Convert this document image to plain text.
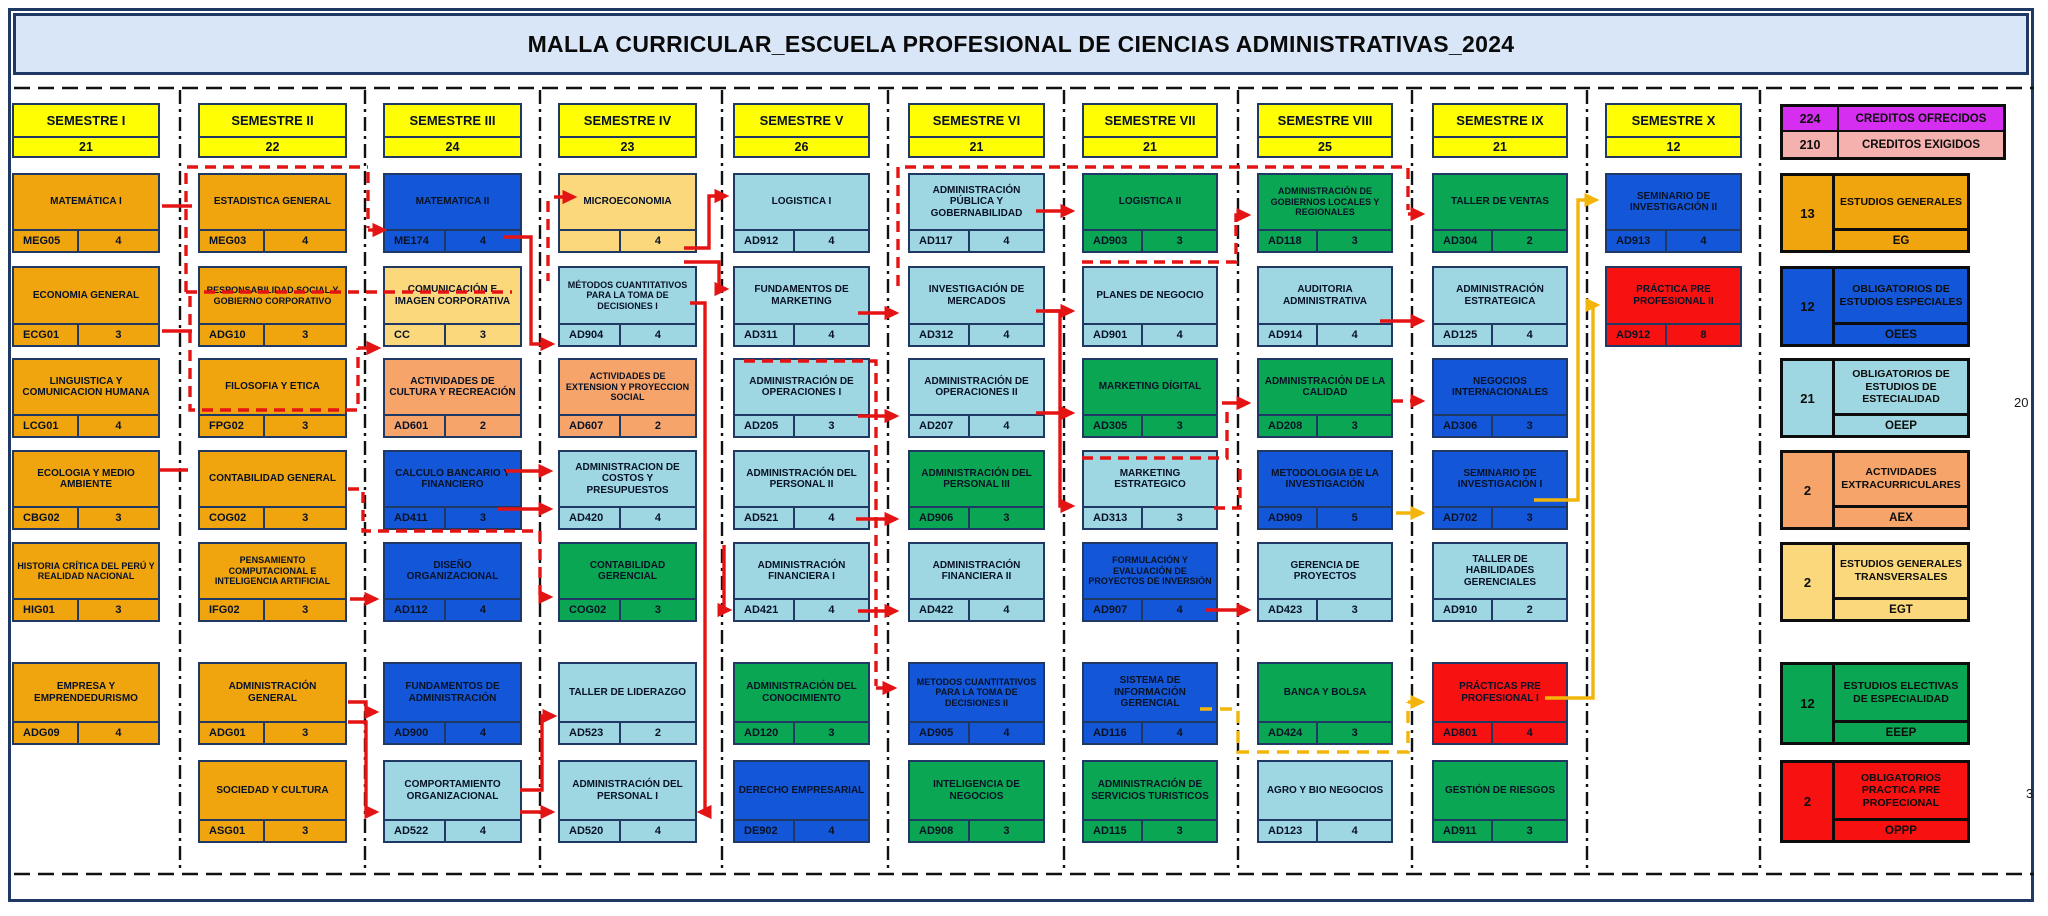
MALLA CURRICULAR_ESCUELA PROFESIONAL DE CIENCIAS ADMINISTRATIVAS_2024
SEMESTRE I
21
MATEMÁTICA I
MEG05	4
ECONOMIA GENERAL
ECG01	3
LINGUISTICA Y COMUNICACION HUMANA
LCG01	4
ECOLOGIA Y MEDIO AMBIENTE
CBG02	3
HISTORIA CRÍTICA DEL PERÚ Y REALIDAD NACIONAL
HIG01	3
EMPRESA Y EMPRENDEDURISMO
ADG09	4
SEMESTRE II
22
ESTADISTICA GENERAL
MEG03	4
RESPONSABILIDAD SOCIAL Y GOBIERNO CORPORATIVO
ADG10	3
FILOSOFIA Y ETICA
FPG02	3
CONTABILIDAD GENERAL
COG02	3
PENSAMIENTO COMPUTACIONAL E INTELIGENCIA ARTIFICIAL
IFG02	3
ADMINISTRACIÓN GENERAL
ADG01	3
SOCIEDAD Y CULTURA
ASG01	3
SEMESTRE III
24
MATEMATICA II
ME174	4
COMUNICACIÓN E IMAGEN CORPORATIVA
CC	3
ACTIVIDADES DE CULTURA Y RECREACIÓN
AD601	2
CALCULO BANCARIO Y FINANCIERO
AD411	3
DISEÑO ORGANIZACIONAL
AD112	4
FUNDAMENTOS DE ADMINISTRACIÓN
AD900	4
COMPORTAMIENTO ORGANIZACIONAL
AD522	4
SEMESTRE IV
23
MICROECONOMIA
4
MÉTODOS CUANTITATIVOS PARA LA TOMA DE DECISIONES I
AD904	4
ACTIVIDADES DE EXTENSION Y PROYECCION SOCIAL
AD607	2
ADMINISTRACION DE COSTOS Y PRESUPUESTOS
AD420	4
CONTABILIDAD GERENCIAL
COG02	3
TALLER DE LIDERAZGO
AD523	2
ADMINISTRACIÓN DEL PERSONAL I
AD520	4
SEMESTRE V
26
LOGISTICA I
AD912	4
FUNDAMENTOS DE MARKETING
AD311	4
ADMINISTRACIÓN DE OPERACIONES I
AD205	3
ADMINISTRACIÓN DEL PERSONAL II
AD521	4
ADMINISTRACIÓN FINANCIERA I
AD421	4
ADMINISTRACIÓN DEL CONOCIMIENTO
AD120	3
DERECHO EMPRESARIAL
DE902	4
SEMESTRE VI
21
ADMINISTRACIÓN PÚBLICA Y GOBERNABILIDAD
AD117	4
INVESTIGACIÓN DE MERCADOS
AD312	4
ADMINISTRACIÓN DE OPERACIONES II
AD207	4
ADMINISTRACIÓN DEL PERSONAL III
AD906	3
ADMINISTRACIÓN FINANCIERA II
AD422	4
METODOS CUANTITATIVOS PARA LA TOMA DE DECISIONES II
AD905	4
INTELIGENCIA DE NEGOCIOS
AD908	3
SEMESTRE VII
21
LOGISTICA II
AD903	3
PLANES DE NEGOCIO
AD901	4
MARKETING DÍGITAL
AD305	3
MARKETING ESTRATEGICO
AD313	3
FORMULACIÓN Y EVALUACIÓN DE PROYECTOS DE INVERSIÓN
AD907	4
SISTEMA DE INFORMACIÓN GERENCIAL
AD116	4
ADMINISTRACIÓN DE SERVICIOS TURISTICOS
AD115	3
SEMESTRE VIII
25
ADMINISTRACIÓN DE GOBIERNOS LOCALES Y REGIONALES
AD118	3
AUDITORIA ADMINISTRATIVA
AD914	4
ADMINISTRACIÓN DE LA CALIDAD
AD208	3
METODOLOGIA DE LA INVESTIGACIÓN
AD909	5
GERENCIA DE PROYECTOS
AD423	3
BANCA Y BOLSA
AD424	3
AGRO Y BIO NEGOCIOS
AD123	4
SEMESTRE IX
21
TALLER DE VENTAS
AD304	2
ADMINISTRACIÓN ESTRATEGICA
AD125	4
NEGOCIOS INTERNACIONALES
AD306	3
SEMINARIO DE INVESTIGACIÓN I
AD702	3
TALLER DE HABILIDADES GERENCIALES
AD910	2
PRÁCTICAS PRE PROFESIONAL I
AD801	4
GESTIÓN DE RIESGOS
AD911	3
SEMESTRE X
12
SEMINARIO DE INVESTIGACIÓN II
AD913	4
PRÁCTICA PRE PROFESIONAL II
AD912	8
224	CREDITOS OFRECIDOS
210	CREDITOS EXIGIDOS
13
ESTUDIOS GENERALES
EG
12
OBLIGATORIOS DE ESTUDIOS ESPECIALES
OEES
21
OBLIGATORIOS DE ESTUDIOS DE ESTECIALIDAD
OEEP
2
ACTIVIDADES EXTRACURRICULARES
AEX
2
ESTUDIOS GENERALES TRANSVERSALES
EGT
12
ESTUDIOS ELECTIVAS DE ESPECIALIDAD
EEEP
2
OBLIGATORIOS PRACTICA PRE PROFECIONAL
OPPP
20
3
